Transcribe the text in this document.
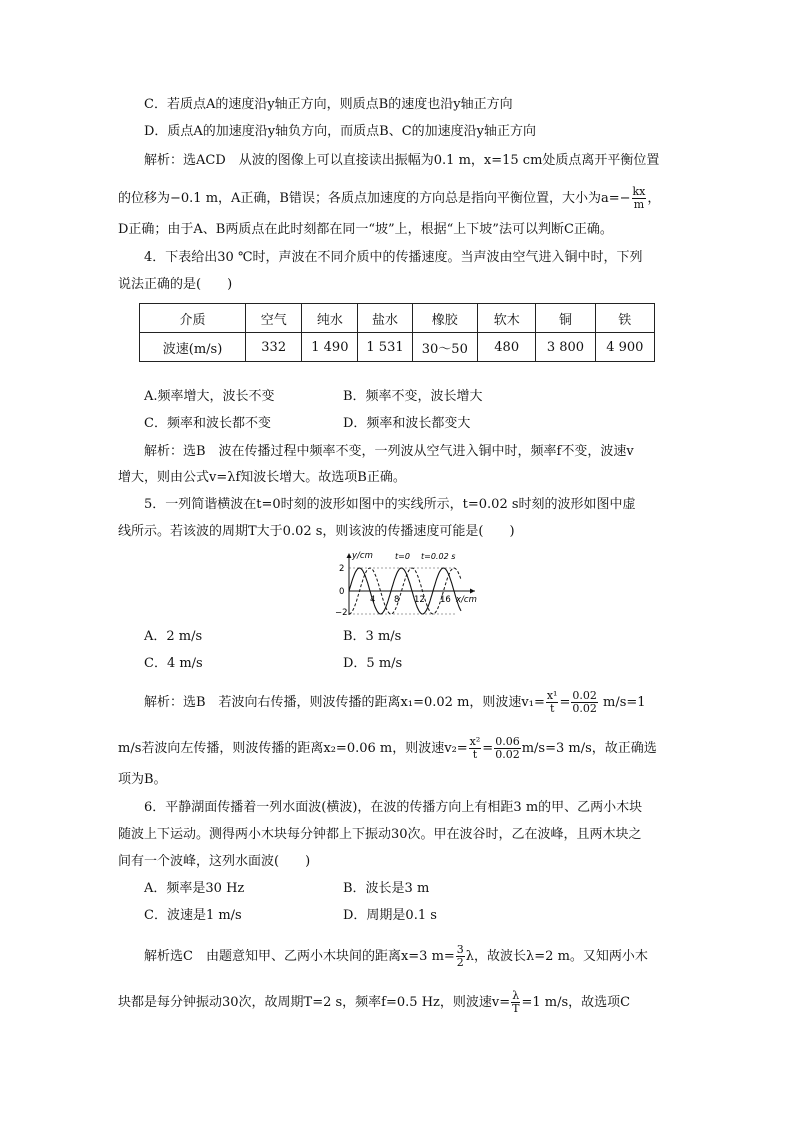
C．若质点A的速度沿y轴正方向，则质点B的速度也沿y轴正方向
D．质点A的加速度沿y轴负方向，而质点B、C的加速度沿y轴正方向
解析：选ACD　从波的图像上可以直接读出振幅为0.1 m，x=15 cm处质点离开平衡位置
的位移为−0.1 m，A正确，B错误；各质点加速度的方向总是指向平衡位置，大小为$a=- \frac{kx}{m}$ ，
D正确；由于A、B两质点在此时刻都在同一“坡”上，根据“上下坡”法可以判断C正确。
4．下表给出30 ℃时，声波在不同介质中的传播速度。当声波由空气进入铜中时，下列
说法正确的是(　　)
介质	空气	纯水	盐水	橡胶	软木	铜	铁
波速(m/s)	332	1 490	1 531	30～50	480	3 800	4 900
A.频率增大，波长不变	B．频率不变，波长增大
C．频率和波长都不变	D．频率和波长都变大
解析：选B　波在传播过程中频率不变，一列波从空气进入铜中时，频率f不变，波速v
增大，则由公式v=λf知波长增大。故选项B正确。
5．一列简谐横波在t=0时刻的波形如图中的实线所示，t=0.02 s时刻的波形如图中虚
线所示。若该波的周期T大于0.02 s，则该波的传播速度可能是(　　)
y/cm
x/cm
t=0 t=0.02 s
2
0
−2
4 8 12 16
A．2 m/s	B．3 m/s
C．4 m/s	D．5 m/s
解析：选B　若波向右传播，则波传播的距离x₁=0.02 m，则波速$v_1= \frac{\text{x¹}}{t} = \frac{0.02}{0.02} m/s=1$
m/s若波向左传播，则波传播的距离x₂=0.06 m，则波速$v_2= \frac{\text{x²}}{t} = \frac{0.06}{0.02} m/s=3$ m/s，故正确选
项为B。
6．平静湖面传播着一列水面波(横波)，在波的传播方向上有相距3 m的甲、乙两小木块
随波上下运动。测得两小木块每分钟都上下振动30次。甲在波谷时，乙在波峰，且两木块之
间有一个波峰，这列水面波(　　)
A．频率是30 Hz	B．波长是3 m
C．波速是1 m/s	D．周期是0.1 s
解析选C　由题意知甲、乙两小木块间的距离x=3 $m= \frac{3}{2}$ λ，故波长λ=2 m。又知两小木
块都是每分钟振动30次，故周期T=2 s，频率f=0.5 Hz，则波速$v= \frac{\lambda}{T} =1$ m/s，故选项C
